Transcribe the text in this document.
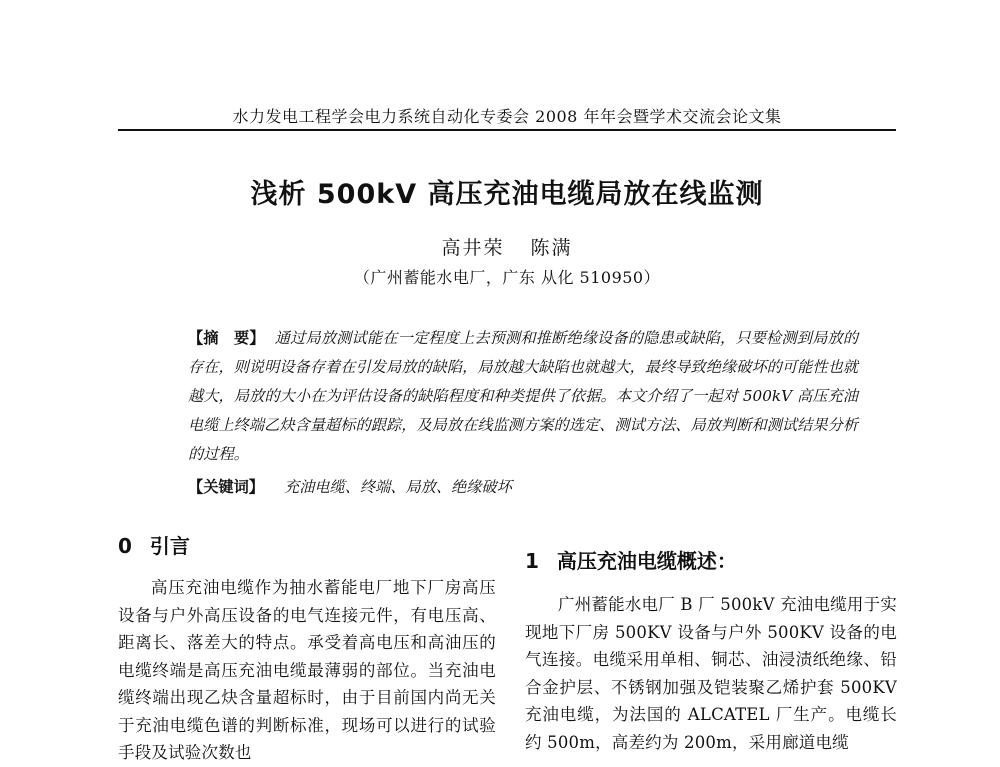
水力发电工程学会电力系统自动化专委会 2008 年年会暨学术交流会论文集
浅析 500kV 高压充油电缆局放在线监测
高井荣 陈满
（广州蓄能水电厂，广东 从化 510950）
【摘　要】 通过局放测试能在一定程度上去预测和推断绝缘设备的隐患或缺陷，只要检测到局放的存在，则说明设备存着在引发局放的缺陷，局放越大缺陷也就越大，最终导致绝缘破坏的可能性也就越大，局放的大小在为评估设备的缺陷程度和种类提供了依据。本文介绍了一起对 500kV 高压充油电缆上终端乙炔含量超标的跟踪，及局放在线监测方案的选定、测试方法、局放判断和测试结果分析的过程。
【关键词】 充油电缆、终端、局放、绝缘破坏
0 引言

高压充油电缆作为抽水蓄能电厂地下厂房高压设备与户外高压设备的电气连接元件，有电压高、距离长、落差大的特点。承受着高电压和高油压的电缆终端是高压充油电缆最薄弱的部位。当充油电缆终端出现乙炔含量超标时，由于目前国内尚无关于充油电缆色谱的判断标准，现场可以进行的试验手段及试验次数也

1 高压充油电缆概述：

广州蓄能水电厂 B 厂 500kV 充油电缆用于实现地下厂房 500KV 设备与户外 500KV 设备的电气连接。电缆采用单相、铜芯、油浸渍纸绝缘、铅合金护层、不锈钢加强及铠装聚乙烯护套 500KV 充油电缆，为法国的 ALCATEL 厂生产。电缆长约 500m，高差约为 200m，采用廊道电缆
